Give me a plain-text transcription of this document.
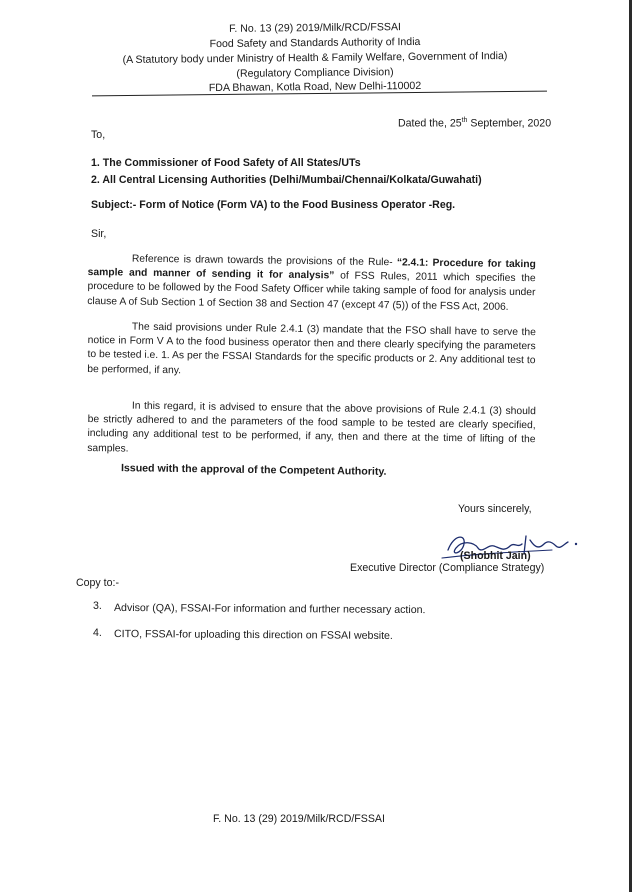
F. No. 13 (29) 2019/Milk/RCD/FSSAI
Food Safety and Standards Authority of India
(A Statutory body under Ministry of Health & Family Welfare, Government of India)
(Regulatory Compliance Division)
FDA Bhawan, Kotla Road, New Delhi-110002
Dated the, 25th September, 2020
To,
1. The Commissioner of Food Safety of All States/UTs
2. All Central Licensing Authorities (Delhi/Mumbai/Chennai/Kolkata/Guwahati)
Subject:- Form of Notice (Form VA) to the Food Business Operator -Reg.
Sir,
Reference is drawn towards the provisions of the Rule- “2.4.1: Procedure for taking sample and manner of sending it for analysis” of FSS Rules, 2011 which specifies the procedure to be followed by the Food Safety Officer while taking sample of food for analysis under clause A of Sub Section 1 of Section 38 and Section 47 (except 47 (5)) of the FSS Act, 2006.
The said provisions under Rule 2.4.1 (3) mandate that the FSO shall have to serve the notice in Form V A to the food business operator then and there clearly specifying the parameters to be tested i.e. 1. As per the FSSAI Standards for the specific products or 2. Any additional test to be performed, if any.
In this regard, it is advised to ensure that the above provisions of Rule 2.4.1 (3) should be strictly adhered to and the parameters of the food sample to be tested are clearly specified, including any additional test to be performed, if any, then and there at the time of lifting of the samples.
Issued with the approval of the Competent Authority.
Yours sincerely,
(Shobhit Jain)
Executive Director (Compliance Strategy)
Copy to:-
3. Advisor (QA), FSSAI-For information and further necessary action.
4. CITO, FSSAI-for uploading this direction on FSSAI website.
F. No. 13 (29) 2019/Milk/RCD/FSSAI
